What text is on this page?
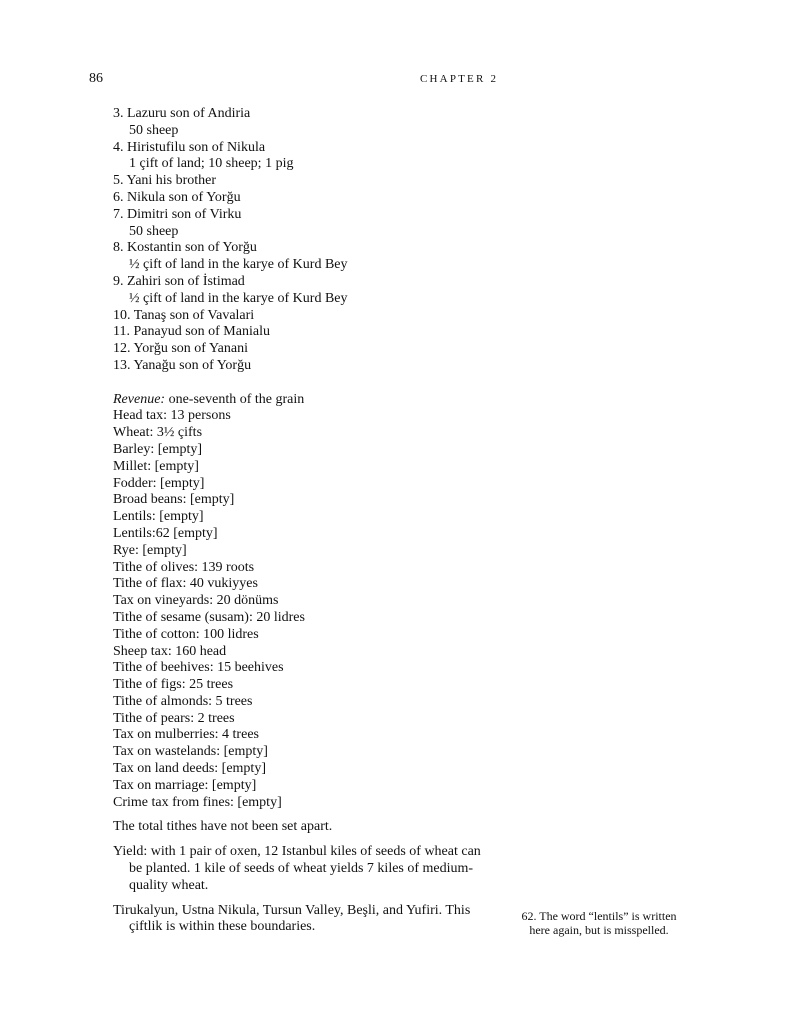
86	CHAPTER 2
3. Lazuru son of Andiria
50 sheep
4. Hiristufilu son of Nikula
1 çift of land; 10 sheep; 1 pig
5. Yani his brother
6. Nikula son of Yorğu
7. Dimitri son of Virku
50 sheep
8. Kostantin son of Yorğu
½ çift of land in the karye of Kurd Bey
9. Zahiri son of İstimad
½ çift of land in the karye of Kurd Bey
10. Tanaş son of Vavalari
11. Panayud son of Manialu
12. Yorğu son of Yanani
13. Yanağu son of Yorğu
Revenue: one-seventh of the grain
Head tax: 13 persons
Wheat: 3½ çifts
Barley: [empty]
Millet: [empty]
Fodder: [empty]
Broad beans: [empty]
Lentils: [empty]
Lentils:62 [empty]
Rye: [empty]
Tithe of olives: 139 roots
Tithe of flax: 40 vukiyyes
Tax on vineyards: 20 dönüms
Tithe of sesame (susam): 20 lidres
Tithe of cotton: 100 lidres
Sheep tax: 160 head
Tithe of beehives: 15 beehives
Tithe of figs: 25 trees
Tithe of almonds: 5 trees
Tithe of pears: 2 trees
Tax on mulberries: 4 trees
Tax on wastelands: [empty]
Tax on land deeds: [empty]
Tax on marriage: [empty]
Crime tax from fines: [empty]
The total tithes have not been set apart.
Yield: with 1 pair of oxen, 12 Istanbul kiles of seeds of wheat can be planted. 1 kile of seeds of wheat yields 7 kiles of medium-quality wheat.
Tirukalyun, Ustna Nikula, Tursun Valley, Beşli, and Yufiri. This çiftlik is within these boundaries.
62. The word “lentils” is written
here again, but is misspelled.
